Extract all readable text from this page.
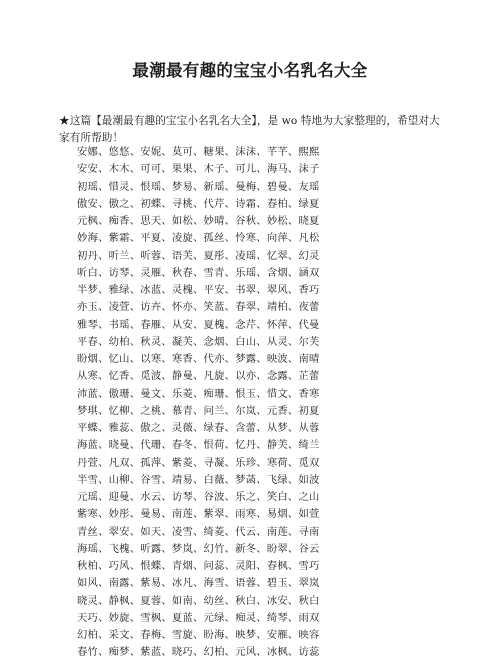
最潮最有趣的宝宝小名乳名大全
★这篇【最潮最有趣的宝宝小名乳名大全】，是 wo 特地为大家整理的，希望对大家有所帮助！
安娜、悠悠、安妮、莫可、糖果、沫沫、芊芊、熙熙
安安、木木、可可、果果、木子、可儿、海马、沫子
初瑶、惜灵、恨瑶、梦易、新瑶、曼梅、碧曼、友瑶
傲安、傲之、初蝶、寻桃、代芹、诗霜、春柏、绿夏
元枫、痴香、思天、如松、妙晴、谷秋、妙松、晓夏
妙海、紫霜、平夏、凌旋、孤丝、怜寒、向萍、凡松
初丹、听兰、听蓉、语芙、夏彤、凌瑶、忆翠、幻灵
听白、访琴、灵雁、秋春、雪青、乐瑶、含烟、涵双
半梦、雅绿、冰蓝、灵槐、平安、书翠、翠风、香巧
亦玉、凌萱、访卉、怀亦、笑蓝、春翠、靖柏、夜蕾
雅琴、书瑶、春雁、从安、夏槐、念芹、怀萍、代曼
平春、幼柏、秋灵、凝芙、念烟、白山、从灵、尔芙
盼烟、忆山、以寒、寒香、代亦、梦露、映波、南晴
从寒、忆香、觅波、静曼、凡旋、以亦、念露、芷蕾
沛蓝、傲珊、曼文、乐菱、痴珊、恨玉、惜文、香寒
梦琪、忆柳、之桃、慕青、问兰、尔岚、元香、初夏
平蝶、雅蕊、傲之、灵薇、绿春、含蕾、从梦、从蓉
海蓝、晓曼、代珊、春冬、恨荷、忆丹、静芙、绮兰
丹萱、凡双、孤萍、紫菱、寻凝、乐珍、寒荷、觅双
半雪、山柳、谷雪、靖易、白薇、梦菡、飞绿、如波
元瑶、迎曼、水云、访琴、谷波、乐之、笑白、之山
紫寒、妙彤、曼易、南莲、紫翠、雨寒、易烟、如萱
青丝、翠安、如天、凌雪、绮菱、代云、南莲、寻南
海瑶、飞槐、听露、梦岚、幻竹、新冬、盼翠、谷云
秋柏、巧风、恨蝶、青烟、问蕊、灵阳、春枫、雪巧
如风、南露、紫易、冰凡、海雪、语蓉、碧玉、翠岚
晓灵、静枫、夏蓉、如南、幼丝、秋白、冰安、秋白
天巧、妙旋、雪枫、夏蓝、元绿、痴灵、绮琴、雨双
幻柏、采文、春梅、雪旋、盼海、映梦、安雁、映容
春竹、痴梦、紫蓝、晓巧、幻柏、元风、冰枫、访蕊
